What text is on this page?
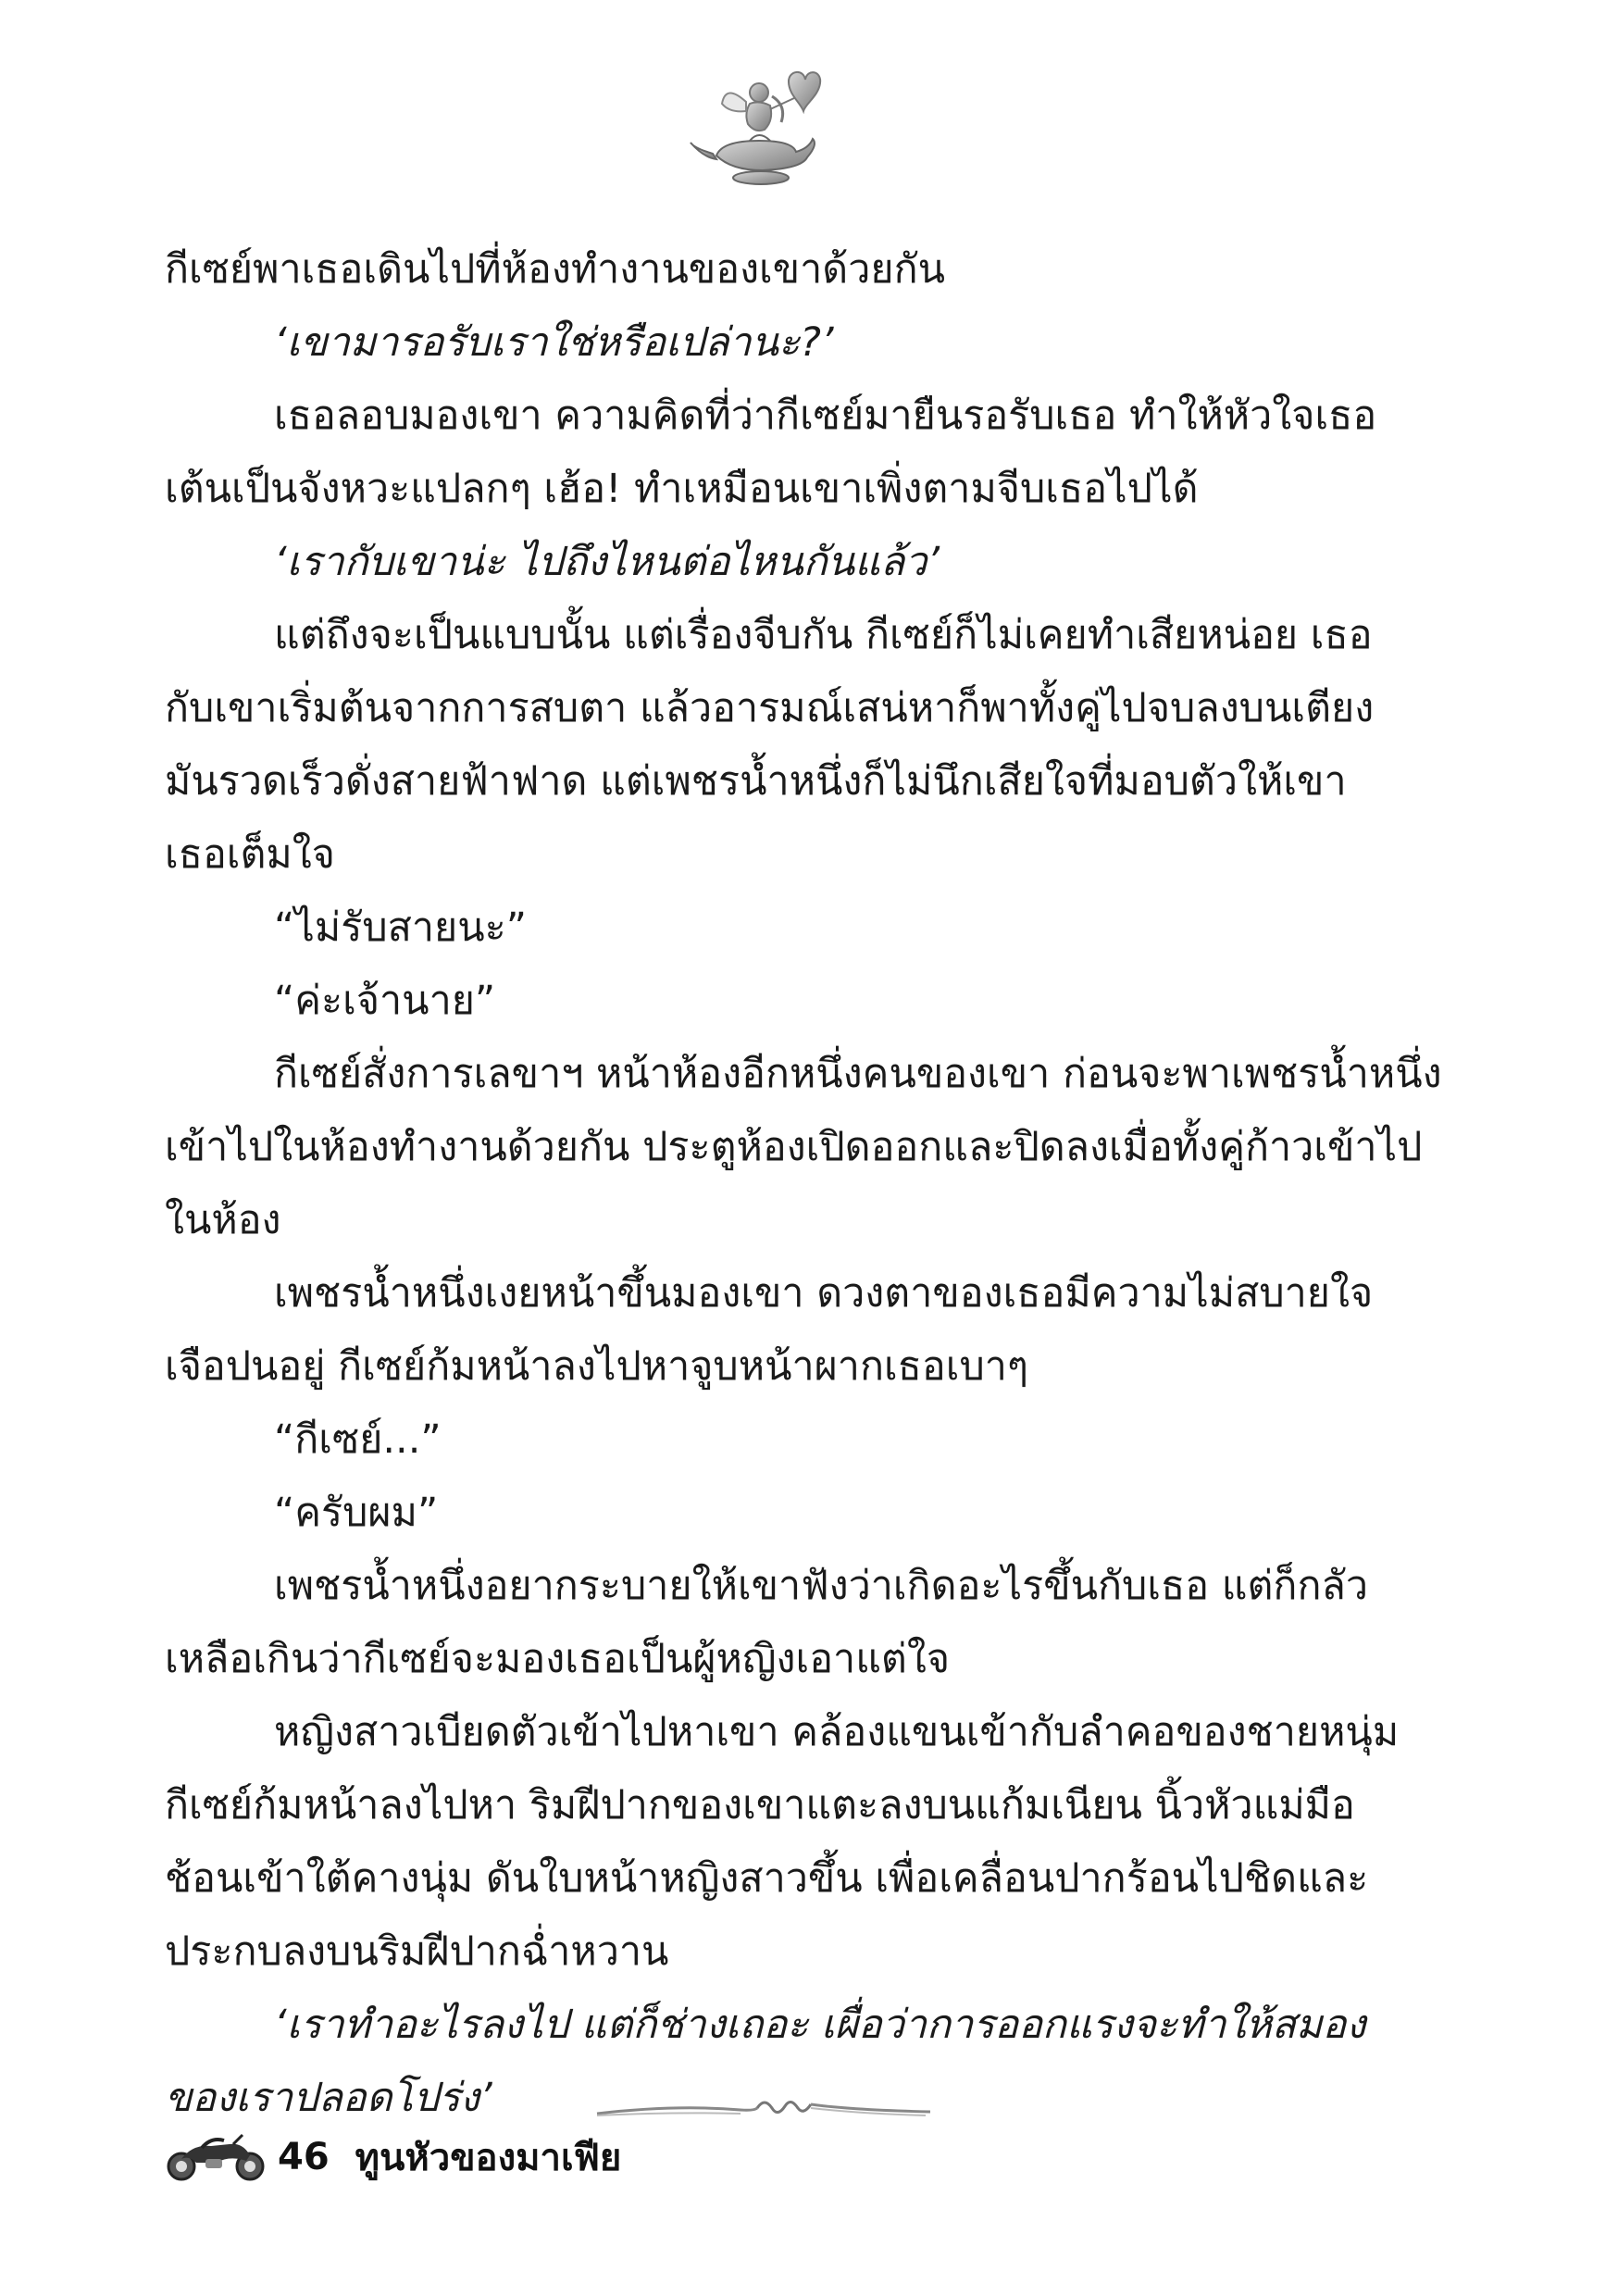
กีเซย์พาเธอเดินไปที่ห้องทำงานของเขาด้วยกัน

‘เขามารอรับเราใช่หรือเปล่านะ?’

เธอลอบมองเขา ความคิดที่ว่ากีเซย์มายืนรอรับเธอ ทำให้หัวใจเธอ

เต้นเป็นจังหวะแปลกๆ เฮ้อ! ทำเหมือนเขาเพิ่งตามจีบเธอไปได้

‘เรากับเขาน่ะ ไปถึงไหนต่อไหนกันแล้ว’

แต่ถึงจะเป็นแบบนั้น แต่เรื่องจีบกัน กีเซย์ก็ไม่เคยทำเสียหน่อย เธอ

กับเขาเริ่มต้นจากการสบตา แล้วอารมณ์เสน่หาก็พาทั้งคู่ไปจบลงบนเตียง

มันรวดเร็วดั่งสายฟ้าฟาด แต่เพชรน้ำหนึ่งก็ไม่นึกเสียใจที่มอบตัวให้เขา

เธอเต็มใจ

“ไม่รับสายนะ”

“ค่ะเจ้านาย”

กีเซย์สั่งการเลขาฯ หน้าห้องอีกหนึ่งคนของเขา ก่อนจะพาเพชรน้ำหนึ่ง

เข้าไปในห้องทำงานด้วยกัน ประตูห้องเปิดออกและปิดลงเมื่อทั้งคู่ก้าวเข้าไป

ในห้อง

เพชรน้ำหนึ่งเงยหน้าขึ้นมองเขา ดวงตาของเธอมีความไม่สบายใจ

เจือปนอยู่ กีเซย์ก้มหน้าลงไปหาจูบหน้าผากเธอเบาๆ

“กีเซย์...”

“ครับผม”

เพชรน้ำหนึ่งอยากระบายให้เขาฟังว่าเกิดอะไรขึ้นกับเธอ แต่ก็กลัว

เหลือเกินว่ากีเซย์จะมองเธอเป็นผู้หญิงเอาแต่ใจ

หญิงสาวเบียดตัวเข้าไปหาเขา คล้องแขนเข้ากับลำคอของชายหนุ่ม

กีเซย์ก้มหน้าลงไปหา ริมฝีปากของเขาแตะลงบนแก้มเนียน นิ้วหัวแม่มือ

ช้อนเข้าใต้คางนุ่ม ดันใบหน้าหญิงสาวขึ้น เพื่อเคลื่อนปากร้อนไปชิดและ

ประกบลงบนริมฝีปากฉ่ำหวาน

‘เราทำอะไรลงไป แต่ก็ช่างเถอะ เผื่อว่าการออกแรงจะทำให้สมอง

ของเราปลอดโปร่ง’

46 ทูนหัวของมาเฟีย
